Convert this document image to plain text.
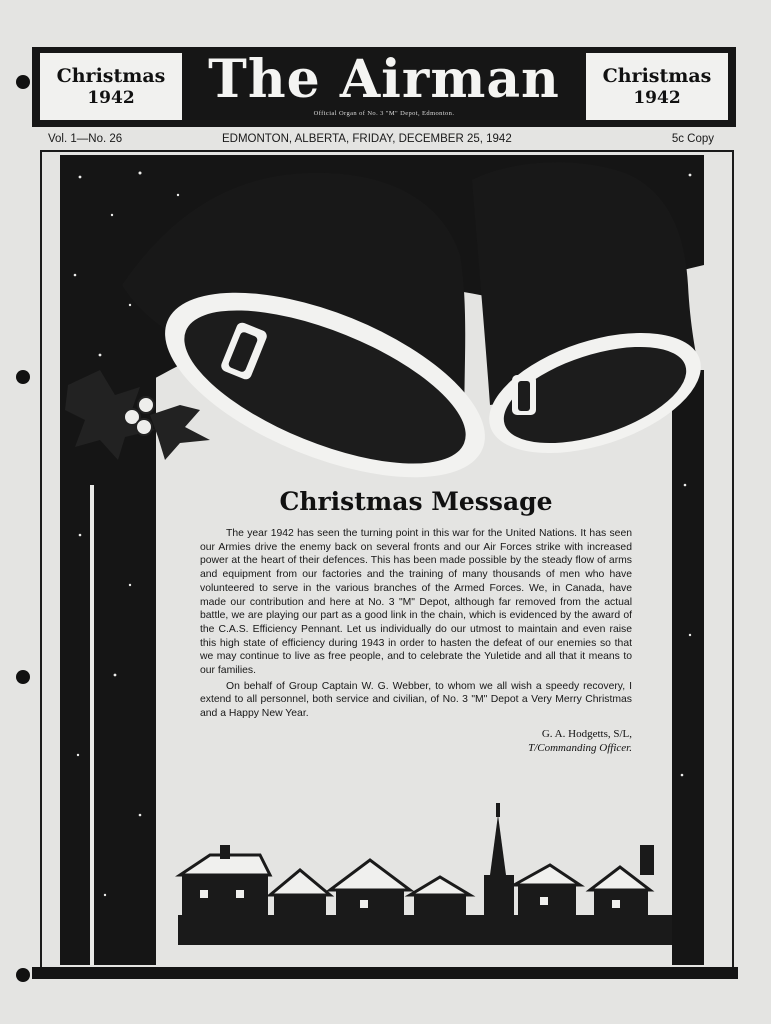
Christmas
1942 The Airman
Official Organ of No. 3 "M" Depot, Edmonton.
Christmas
1942
Vol. 1—No. 26	EDMONTON, ALBERTA, FRIDAY, DECEMBER 25, 1942	5c Copy
Christmas Message

The year 1942 has seen the turning point in this war for the United Nations. It has seen our Armies drive the enemy back on several fronts and our Air Forces strike with increased power at the heart of their defences. This has been made possible by the steady flow of arms and equipment from our factories and the training of many thousands of men who have volunteered to serve in the various branches of the Armed Forces. We, in Canada, have made our contribution and here at No. 3 "M" Depot, although far removed from the actual battle, we are playing our part as a good link in the chain, which is evidenced by the award of the C.A.S. Efficiency Pennant. Let us individually do our utmost to maintain and even raise this high state of efficiency during 1943 in order to hasten the defeat of our enemies so that we may continue to live as free people, and to celebrate the Yuletide and all that it means to our families.

On behalf of Group Captain W. G. Webber, to whom we all wish a speedy recovery, I extend to all personnel, both service and civilian, of No. 3 "M" Depot a Very Merry Christmas and a Happy New Year.

G. A. Hodgetts, S/L,
T/Commanding Officer.
